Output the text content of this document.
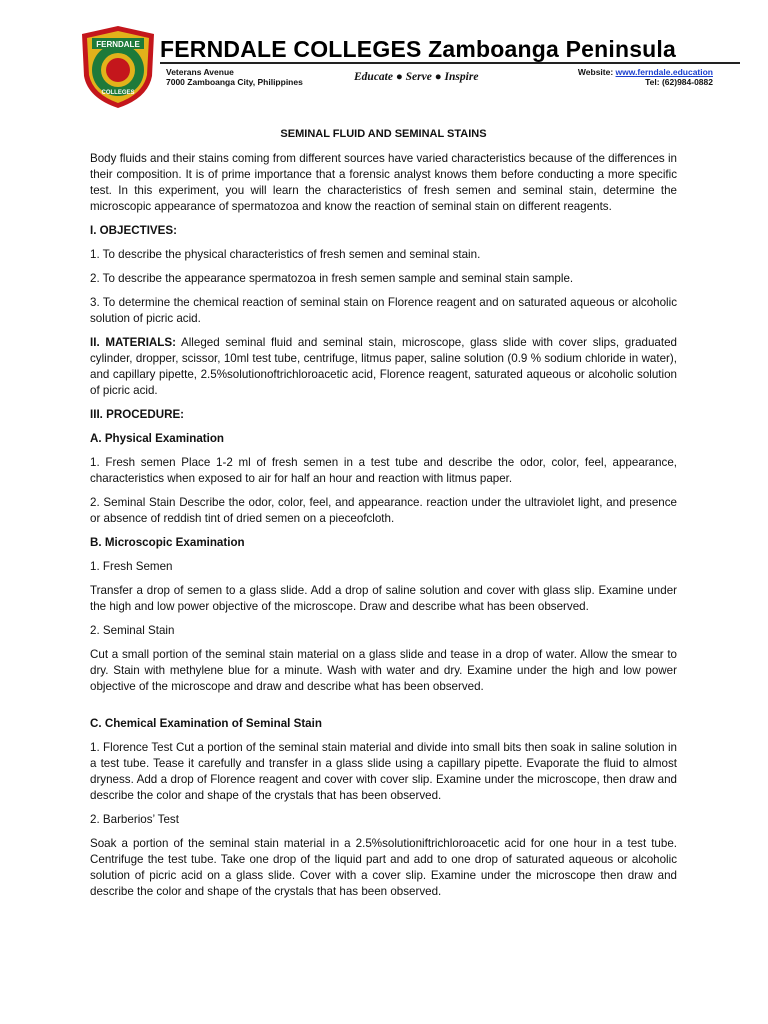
FERNDALE
COLLEGES
FERNDALE COLLEGES Zamboanga Peninsula
Veterans Avenue
7000 Zamboanga City, Philippines	Educate ● Serve ● Inspire	Website: www.ferndale.education
Tel: (62)984-0882

SEMINAL FLUID AND SEMINAL STAINS

Body fluids and their stains coming from different sources have varied characteristics because of the differences in their composition. It is of prime importance that a forensic analyst knows them before conducting a more specific test. In this experiment, you will learn the characteristics of fresh semen and seminal stain, determine the microscopic appearance of spermatozoa and know the reaction of seminal stain on different reagents.

I. OBJECTIVES:

1. To describe the physical characteristics of fresh semen and seminal stain.

2. To describe the appearance spermatozoa in fresh semen sample and seminal stain sample.

3. To determine the chemical reaction of seminal stain on Florence reagent and on saturated aqueous or alcoholic solution of picric acid.

II. MATERIALS: Alleged seminal fluid and seminal stain, microscope, glass slide with cover slips, graduated cylinder, dropper, scissor, 10ml test tube, centrifuge, litmus paper, saline solution (0.9 % sodium chloride in water), and capillary pipette, 2.5%solutionoftrichloroacetic acid, Florence reagent, saturated aqueous or alcoholic solution of picric acid.

III. PROCEDURE:

A. Physical Examination

1. Fresh semen Place 1-2 ml of fresh semen in a test tube and describe the odor, color, feel, appearance, characteristics when exposed to air for half an hour and reaction with litmus paper.

2. Seminal Stain Describe the odor, color, feel, and appearance. reaction under the ultraviolet light, and presence or absence of reddish tint of dried semen on a pieceofcloth.

B. Microscopic Examination

1. Fresh Semen

Transfer a drop of semen to a glass slide. Add a drop of saline solution and cover with glass slip. Examine under the high and low power objective of the microscope. Draw and describe what has been observed.

2. Seminal Stain

Cut a small portion of the seminal stain material on a glass slide and tease in a drop of water. Allow the smear to dry. Stain with methylene blue for a minute. Wash with water and dry. Examine under the high and low power objective of the microscope and draw and describe what has been observed.

C. Chemical Examination of Seminal Stain

1. Florence Test Cut a portion of the seminal stain material and divide into small bits then soak in saline solution in a test tube. Tease it carefully and transfer in a glass slide using a capillary pipette. Evaporate the fluid to almost dryness. Add a drop of Florence reagent and cover with cover slip. Examine under the microscope, then draw and describe the color and shape of the crystals that has been observed.

2. Barberios’ Test

Soak a portion of the seminal stain material in a 2.5%solutioniftrichloroacetic acid for one hour in a test tube. Centrifuge the test tube. Take one drop of the liquid part and add to one drop of saturated aqueous or alcoholic solution of picric acid on a glass slide. Cover with a cover slip. Examine under the microscope then draw and describe the color and shape of the crystals that has been observed.
